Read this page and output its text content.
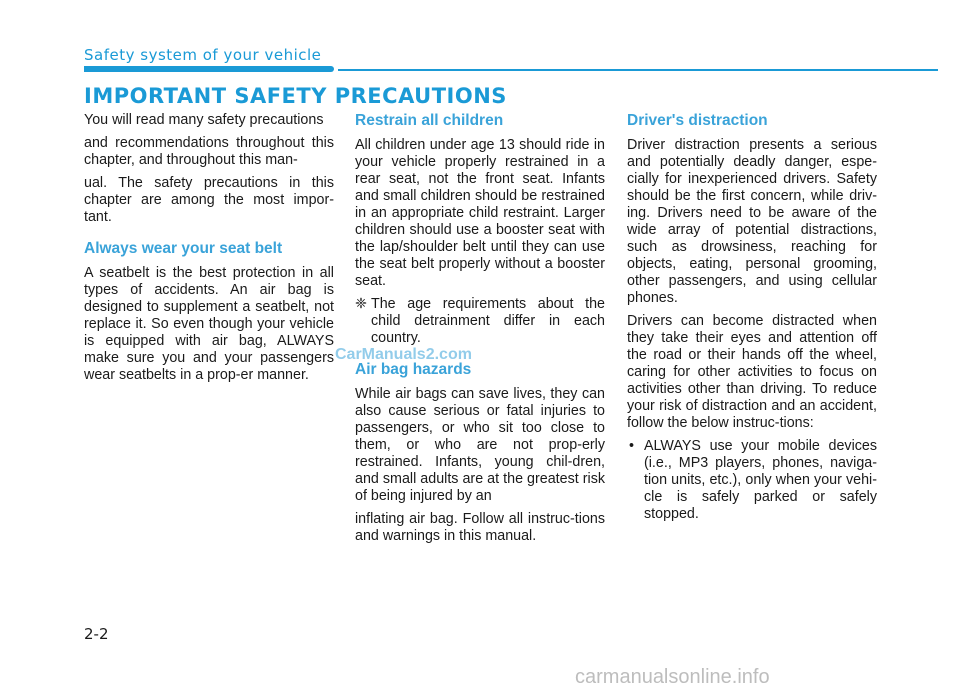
Safety system of your vehicle
IMPORTANT SAFETY PRECAUTIONS

You will read many safety precautions

and recommendations throughout this chapter, and throughout this man-

ual. The safety precautions in this chapter are among the most impor-tant.

Always wear your seat belt

A seatbelt is the best protection in all types of accidents. An air bag is designed to supplement a seatbelt, not replace it. So even though your vehicle is equipped with air bag, ALWAYS make sure you and your passengers wear seatbelts in a prop-er manner.

Restrain all children

All children under age 13 should ride in your vehicle properly restrained in a rear seat, not the front seat. Infants and small children should be restrained in an appropriate child restraint. Larger children should use a booster seat with the lap/shoulder belt until they can use the seat belt properly without a booster seat.

❈ The age requirements about the child detrainment differ in each country.
Air bag hazards

While air bags can save lives, they can also cause serious or fatal injuries to passengers, or who sit too close to them, or who are not prop-erly restrained. Infants, young chil-dren, and small adults are at the greatest risk of being injured by an

inflating air bag. Follow all instruc-tions and warnings in this manual.

Driver's distraction

Driver distraction presents a serious and potentially deadly danger, espe-cially for inexperienced drivers. Safety should be the first concern, while driv-ing. Drivers need to be aware of the wide array of potential distractions, such as drowsiness, reaching for objects, eating, personal grooming, other passengers, and using cellular phones.

Drivers can become distracted when they take their eyes and attention off the road or their hands off the wheel, caring for other activities to focus on activities other than driving. To reduce your risk of distraction and an accident, follow the below instruc-tions:

• ALWAYS use your mobile devices (i.e., MP3 players, phones, naviga-tion units, etc.), only when your vehi-cle is safely parked or safely stopped.
CarManuals2.com
2-2
carmanualsonline.info
